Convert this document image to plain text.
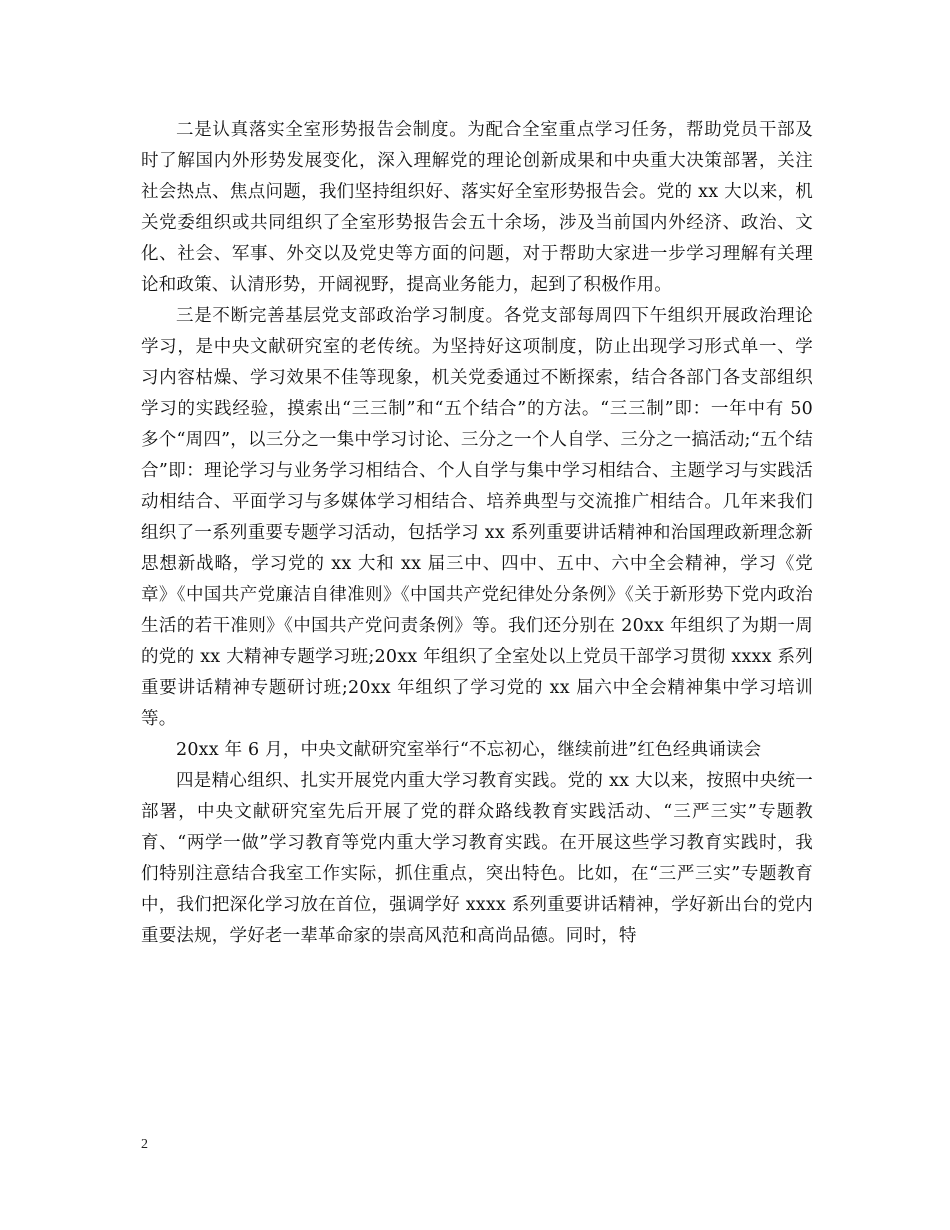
二是认真落实全室形势报告会制度。为配合全室重点学习任务，帮助党员干部及时了解国内外形势发展变化，深入理解党的理论创新成果和中央重大决策部署，关注社会热点、焦点问题，我们坚持组织好、落实好全室形势报告会。党的 xx 大以来，机关党委组织或共同组织了全室形势报告会五十余场，涉及当前国内外经济、政治、文化、社会、军事、外交以及党史等方面的问题，对于帮助大家进一步学习理解有关理论和政策、认清形势，开阔视野，提高业务能力，起到了积极作用。

三是不断完善基层党支部政治学习制度。各党支部每周四下午组织开展政治理论学习，是中央文献研究室的老传统。为坚持好这项制度，防止出现学习形式单一、学习内容枯燥、学习效果不佳等现象，机关党委通过不断探索，结合各部门各支部组织学习的实践经验，摸索出“三三制”和“五个结合”的方法。“三三制”即：一年中有 50 多个“周四”，以三分之一集中学习讨论、三分之一个人自学、三分之一搞活动;“五个结合”即：理论学习与业务学习相结合、个人自学与集中学习相结合、主题学习与实践活动相结合、平面学习与多媒体学习相结合、培养典型与交流推广相结合。几年来我们组织了一系列重要专题学习活动，包括学习 xx 系列重要讲话精神和治国理政新理念新思想新战略，学习党的 xx 大和 xx 届三中、四中、五中、六中全会精神，学习《党章》《中国共产党廉洁自律准则》《中国共产党纪律处分条例》《关于新形势下党内政治生活的若干准则》《中国共产党问责条例》等。我们还分别在 20xx 年组织了为期一周的党的 xx 大精神专题学习班;20xx 年组织了全室处以上党员干部学习贯彻 xxxx 系列重要讲话精神专题研讨班;20xx 年组织了学习党的 xx 届六中全会精神集中学习培训等。

20xx 年 6 月，中央文献研究室举行“不忘初心，继续前进”红色经典诵读会

四是精心组织、扎实开展党内重大学习教育实践。党的 xx 大以来，按照中央统一部署，中央文献研究室先后开展了党的群众路线教育实践活动、“三严三实”专题教育、“两学一做”学习教育等党内重大学习教育实践。在开展这些学习教育实践时，我们特别注意结合我室工作实际，抓住重点，突出特色。比如，在“三严三实”专题教育中，我们把深化学习放在首位，强调学好 xxxx 系列重要讲话精神，学好新出台的党内重要法规，学好老一辈革命家的崇高风范和高尚品德。同时，特

2
